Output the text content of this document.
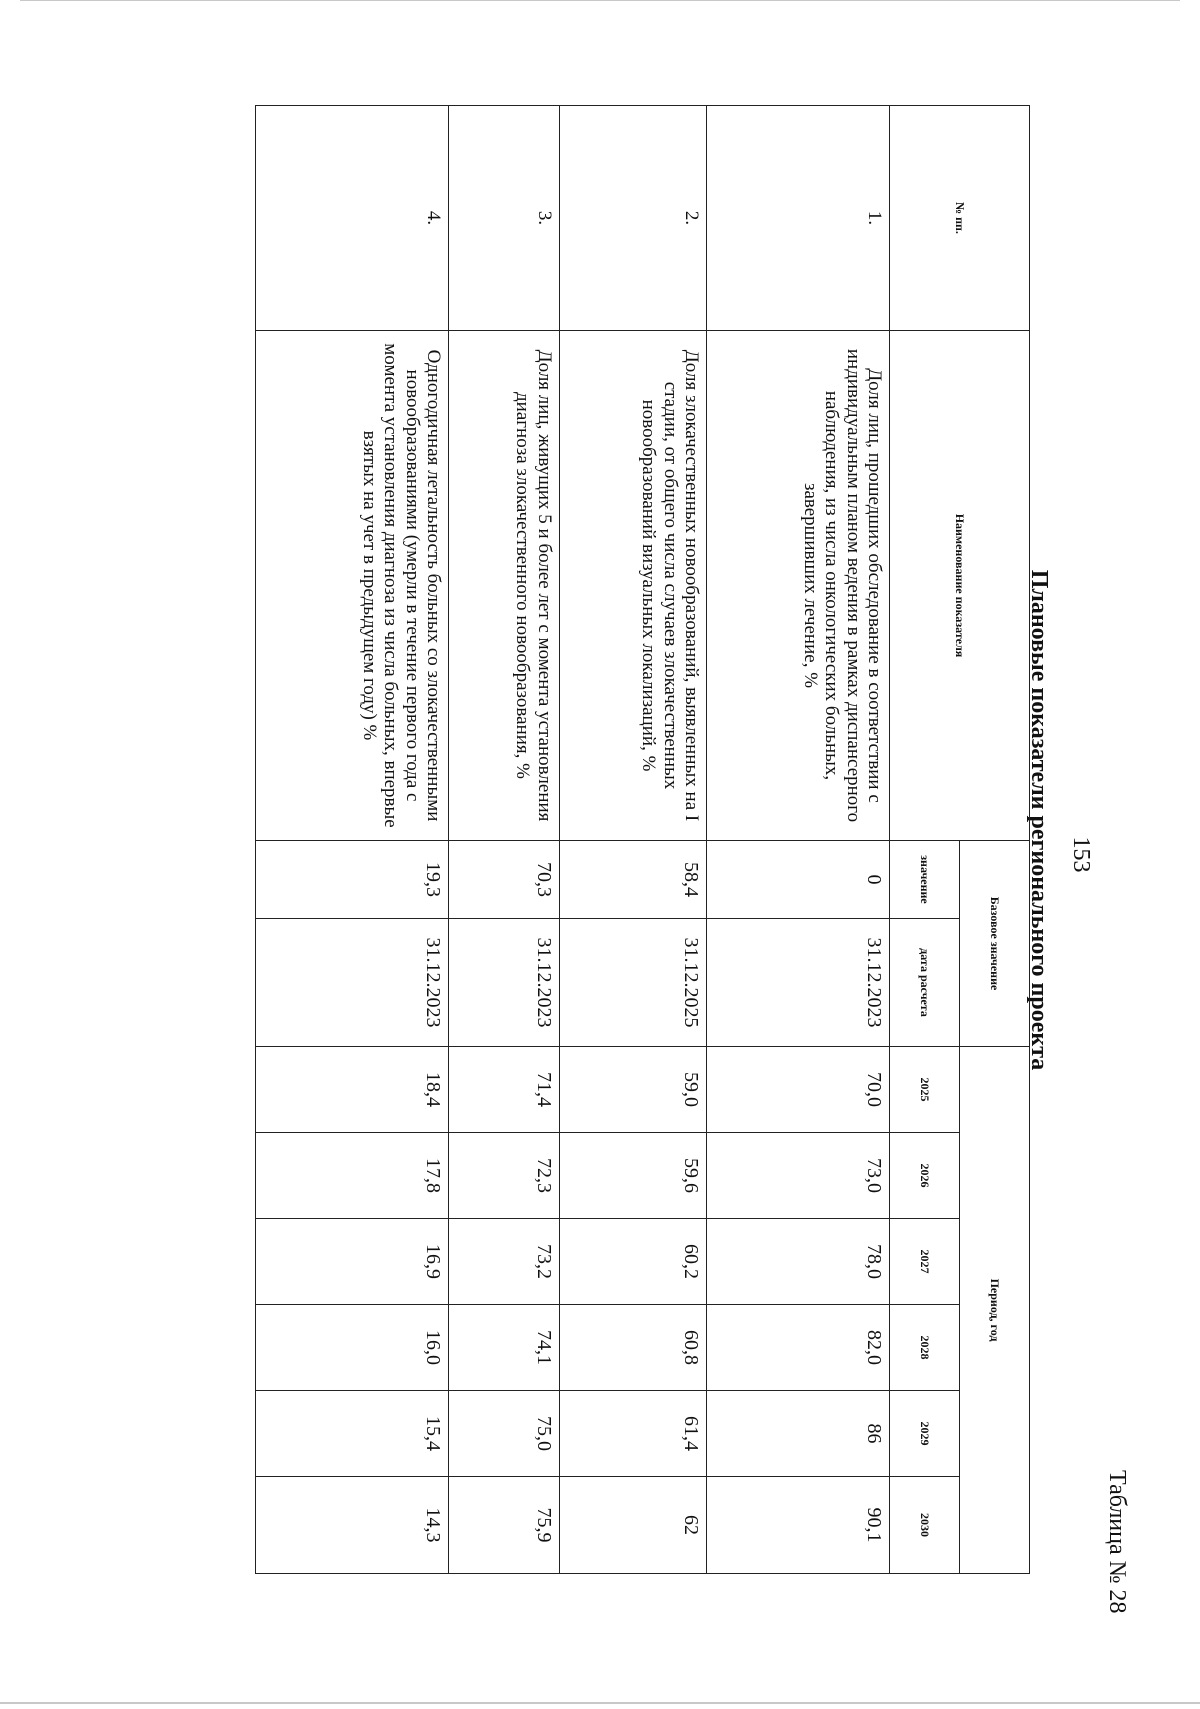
153
Таблица № 28
Плановые показатели регионального проекта
№ пп.	Наименование показателя	Базовое значение		Период, год					
		значение	дата расчета	2025	2026	2027	2028	2029	2030
1.	Доля лиц, прошедших обследование в соответствии с индивидуальным планом ведения в рамках диспансерного наблюдения, из числа онкологических больных, завершивших лечение, %	0	31.12.2023	70,0	73,0	78,0	82,0	86	90,1
2.	Доля злокачественных новообразований, выявленных на I стадии, от общего числа случаев злокачественных новообразований визуальных локализаций, %	58,4	31.12.2025	59,0	59,6	60,2	60,8	61,4	62
3.	Доля лиц, живущих 5 и более лет с момента установления диагноза злокачественного новообразования, %	70,3	31.12.2023	71,4	72,3	73,2	74,1	75,0	75,9
4.	Одногодичная летальность больных со злокачественными новообразованиями (умерли в течение первого года с момента установления диагноза из числа больных, впервые взятых на учет в предыдущем году) %	19,3	31.12.2023	18,4	17,8	16,9	16,0	15,4	14,3
